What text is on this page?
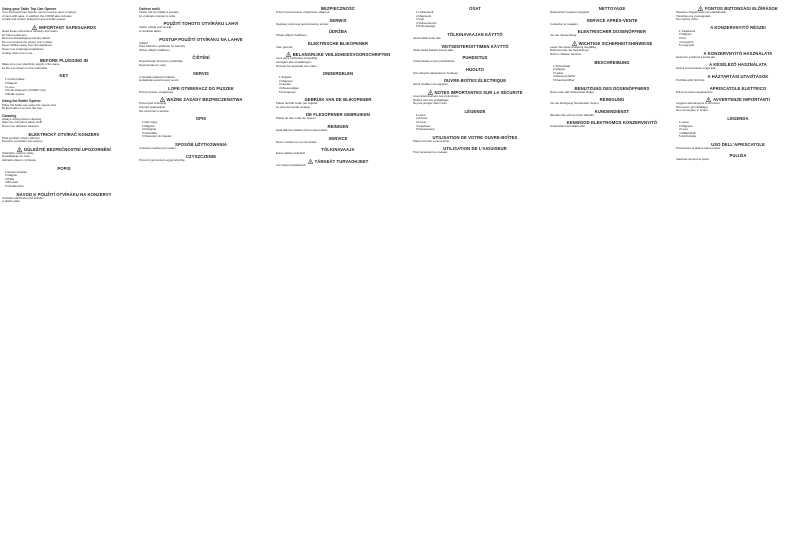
Using your Table Top Can Opener
Your Kenwood Can Opener can be used to open a variety
of cans with ease. In addition the CO600 also includes
a knife and scissor sharpener and a bottle opener.
IMPORTANT SAFEGUARDS
Read these instructions carefully and retain
for future reference.
Remove all packaging and any labels.
Do not immerse the power unit in water.
Keep children away from the appliance.
Never use a damaged appliance.
Unplug when not in use.
BEFORE PLUGGING IN
Make sure your electricity supply is the same
as the one shown on the underside.
KEY
1 Cutting blade
2 Magnet
3 Lever
4 Knife sharpener (CO600 only)
5 Bottle opener
Using the Bottle Opener
Place the bottle cap under the opener and
lift the bottle to remove the cap.
Cleaning
Always unplug before cleaning.
Wipe the unit with a damp cloth.
Never use abrasive cleaners.
ELEKTRICKÝ OTVÍRAČ KONZERV
Před použitím tohoto zařízení
Pozorně si přečtěte tyto pokyny.
DŮLEŽITÉ BEZPEČNOSTNÍ UPOZORNĚNÍ
Odstraňte veškeré obaly.
Nepokládejte do vody.
Zabraňte dětem v přístupu.
POPIS
1 Řezací kolečko
2 Magnet
3 Páka
4 Brousek
5 Otvírák lahví
NÁVOD K POUŽITÍ OTVÍRÁKU NA KONZERVY
Umístěte plechovku pod kolečko
a stlačte páku.
Ostření nožů
Vložte nůž do drážky a pomalu
ho vytahujte směrem k sobě.
POUŽITÍ TOHOTO OTVÍRÁKU LAHVÍ
Vložte uzávěr pod otvírák
a zvedněte láhev.
POSTUP POUŽITÍ OTVÍRÁKU NA LAHVE
Čištění
Před čištěním vytáhněte ze zásuvky.
Otřete vlhkým hadříkem.
ČIŠTĚNÍ
Nepoužívejte abrazivní prostředky.
Neponořujte do vody.
SERVIS
V případě poškození kabelu
kontaktujte autorizovaný servis.
LOPE OTWIERACZ DO PUSZEK
Przed użyciem urządzenia
WAŻNE ZASADY BEZPIECZEŃSTWA
Przeczytać instrukcję.
Usunąć opakowanie.
Nie zanurzać w wodzie.
OPIS
1 Nóż tnący
2 Magnes
3 Dźwignia
4 Ostrzałka
5 Otwieracz do butelek
SPOSÓB UŻYTKOWANIA
Umieścić puszkę pod nożem.
CZYSZCZENIE
Przed czyszczeniem wyjąć wtyczkę.
BEZPIECZNOŚĆ
Przed czyszczeniem urządzenie odłączyć.
SERWIS
Naprawy wykonuje autoryzowany serwis.
ÚDRŽBA
Otřete vlhkým hadříkem.
ELEKTRISCHE BLIKOPENER
Vóór gebruik
BELANGRIJKE VEILIGHEIDSVOORSCHRIFTEN
Lees deze instructies zorgvuldig.
Verwijder alle verpakkingen.
Dompel het apparaat niet onder.
ONDERDELEN
1 Snijwiel
2 Magneet
3 Hendel
4 Messenslijper
5 Flesopener
GEBRUIK VAN DE BLIKOPENER
Plaats het blik onder het snijwiel
en druk de hendel omlaag.
DE FLESOPENER GEBRUIKEN
Plaats de dop onder de opener.
REINIGEN
Haal altijd de stekker uit het stopcontact.
SERVICE
Neem contact op met de winkel.
TÖLKINAVAAJA
Ennen laitteen käyttöä
TÄRKEÄT TURVAOHJEET
Lue ohjeet huolellisesti.
OSAT
1 Leikkuuterä
2 Magneetti
3 Vipu
4 Veitsenteroitin
5 Pullonavaaja
TÖLKINAVAAJAN KÄYTTÖ
Aseta tölkki terän alle.
VEITSENTEROITTIMEN KÄYTTÖ
Vedä veistä hitaasti itseesi päin.
PUHDISTUS
Irrota pistoke ennen puhdistusta.
HUOLTO
Ota yhteyttä valtuutettuun huoltoon.
OUVRE-BOÎTES ÉLECTRIQUE
Avant d'utiliser cet appareil
NOTES IMPORTANTES SUR LA SÉCURITÉ
Lisez attentivement ces instructions.
Retirez tous les emballages.
Ne pas plonger dans l'eau.
LÉGENDE
1 Lame
2 Aimant
3 Levier
4 Aiguiseur
5 Décapsuleur
UTILISATION DE VOTRE OUVRE-BOÎTES
Placez la boîte sous la lame.
UTILISATION DE L'AIGUISEUR
Tirez lentement le couteau.
NETTOYAGE
Débranchez toujours l'appareil.
SERVICE APRÈS-VENTE
Contactez le magasin.
ELEKTRISCHER DOSENÖFFNER
Vor der Verwendung
WICHTIGE SICHERHEITSHINWEISE
Lesen Sie diese Anleitung sorgfältig.
Entfernen Sie die Verpackung.
Nicht in Wasser tauchen.
BESCHREIBUNG
1 Schneidrad
2 Magnet
3 Hebel
4 Messerschärfer
5 Flaschenöffner
BENUTZUNG DES DOSENÖFFNERS
Dose unter das Schneidrad stellen.
REINIGUNG
Vor der Reinigung Netzstecker ziehen.
KUNDENDIENST
Wenden Sie sich an Ihren Händler.
KENWOOD ELEKTROMOS KONZERVNYITÓ
A készülék használata előtt
FONTOS BIZTONSÁGI ELŐÍRÁSOK
Olvassa el figyelmesen az utasításokat.
Távolítsa el a csomagolást.
Ne merítse vízbe.
A KONZERVNYITÓ RÉSZEI
1 Vágókerék
2 Mágnes
3 Kar
4 Késélező
5 Üvegnyitó
A KONZERVNYITÓ HASZNÁLATA
Helyezze a dobozt a kerék alá.
A KÉSÉLEZŐ HASZNÁLATA
Húzza a kést lassan maga felé.
A HÁZTARTÁSI UTASÍTÁSOK
Tisztítás előtt húzza ki.
APRISCATOLE ELETTRICO
Prima di usare l'apparecchio
AVVERTENZE IMPORTANTI
Leggere attentamente le istruzioni.
Rimuovere gli imballaggi.
Non immergere in acqua.
LEGENDA
1 Lama
2 Magnete
3 Leva
4 Affilacoltelli
5 Apribottiglie
USO DELL'APRISCATOLE
Posizionare la lattina sotto la lama.
PULIZIA
Staccare sempre la spina.
